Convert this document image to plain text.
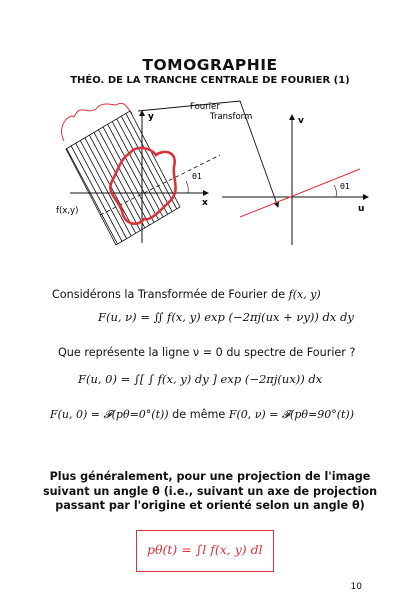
TOMOGRAPHIE
THÉO. DE LA TRANCHE CENTRALE DE FOURIER (1)
y
x
f(x,y)
θ1
Fourier
Transform	v
u
θ1
Considérons la Transformée de Fourier de f(x, y)
F(u, ν) = ∬ f(x, y) exp (−2πj(ux + νy)) dx dy
Que représente la ligne ν = 0 du spectre de Fourier ?
F(u, 0) = ∫[ ∫ f(x, y) dy ] exp (−2πj(ux)) dx
F(u, 0) = 𝓕(pθ=0°(t)) de même F(0, ν) = 𝓕(pθ=90°(t))
Plus généralement, pour une projection de l'image suivant un angle θ (i.e., suivant un axe de projection passant par l'origine et orienté selon un angle θ)
pθ(t) = ∫l f(x, y) dl
10
